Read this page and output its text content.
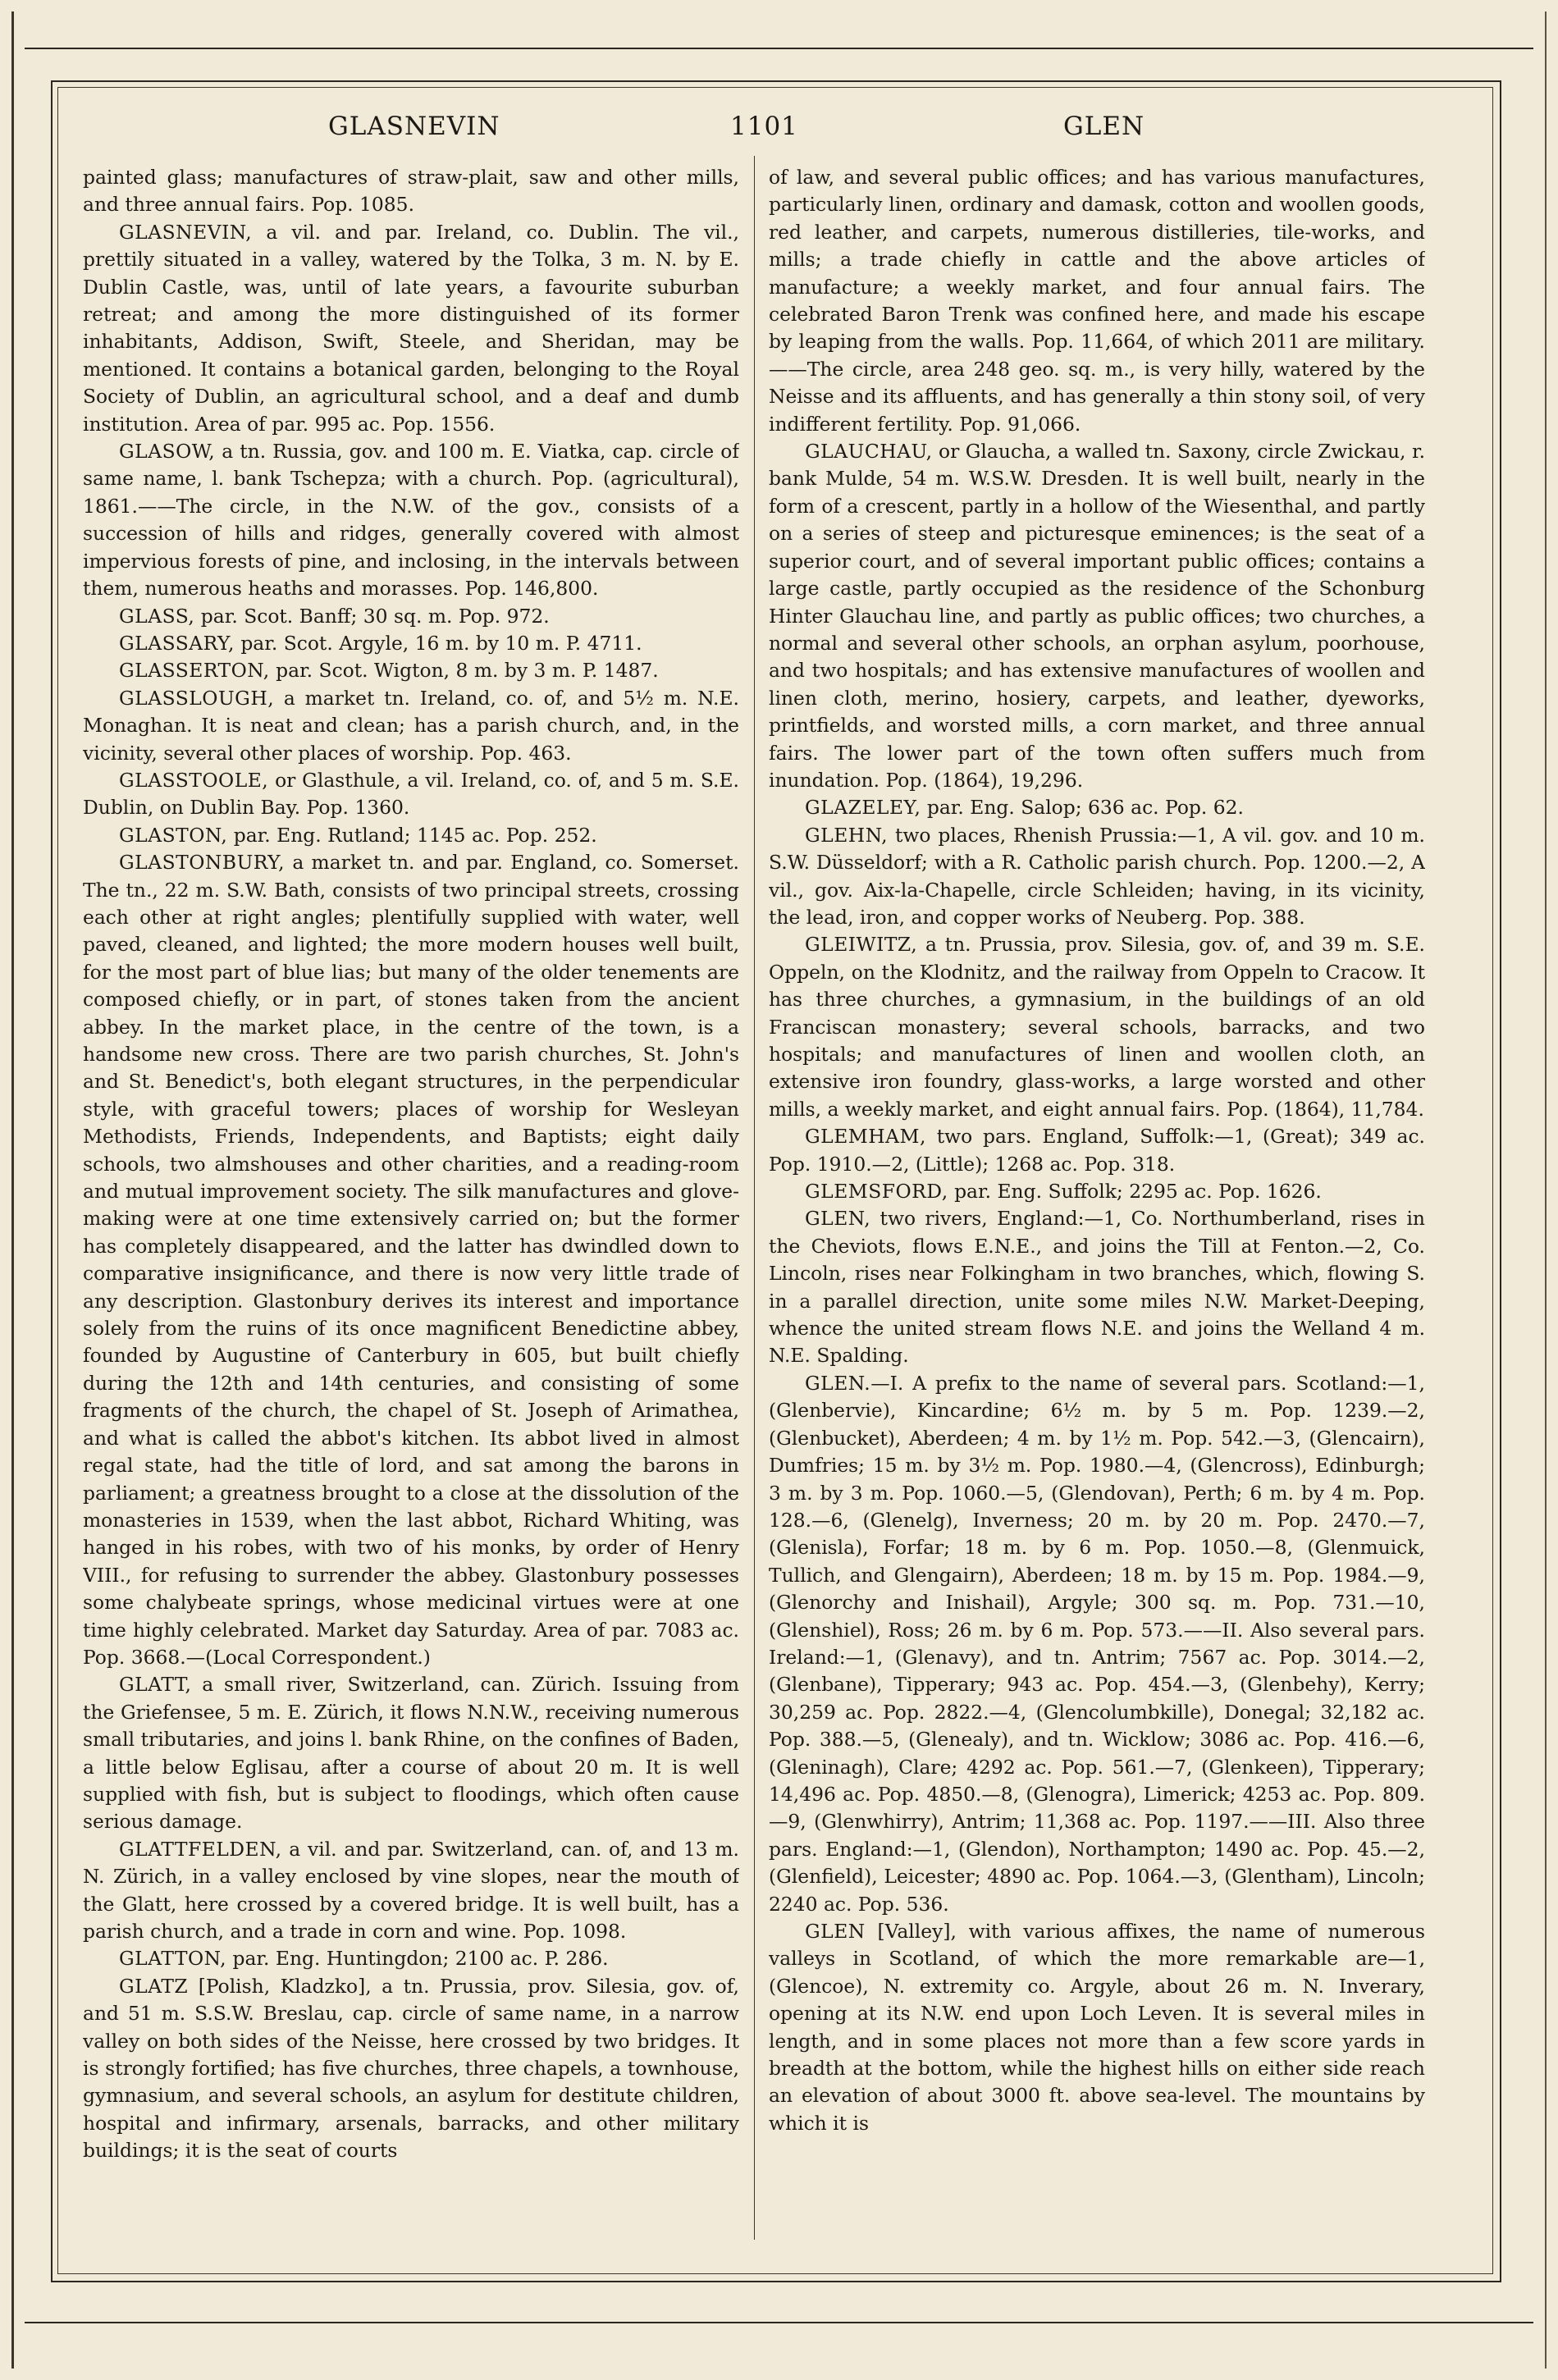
GLASNEVIN	1101	GLEN

painted glass; manufactures of straw-plait, saw and other mills, and three annual fairs. Pop. 1085.

GLASNEVIN, a vil. and par. Ireland, co. Dublin. The vil., prettily situated in a valley, watered by the Tolka, 3 m. N. by E. Dublin Castle, was, until of late years, a favourite suburban retreat; and among the more distinguished of its former inhabitants, Addison, Swift, Steele, and Sheridan, may be mentioned. It contains a botanical garden, belonging to the Royal Society of Dublin, an agricultural school, and a deaf and dumb institution. Area of par. 995 ac. Pop. 1556.

GLASOW, a tn. Russia, gov. and 100 m. E. Viatka, cap. circle of same name, l. bank Tschepza; with a church. Pop. (agricultural), 1861.——The circle, in the N.W. of the gov., consists of a succession of hills and ridges, generally covered with almost impervious forests of pine, and inclosing, in the intervals between them, numerous heaths and morasses. Pop. 146,800.

GLASS, par. Scot. Banff; 30 sq. m. Pop. 972.

GLASSARY, par. Scot. Argyle, 16 m. by 10 m. P. 4711.

GLASSERTON, par. Scot. Wigton, 8 m. by 3 m. P. 1487.

GLASSLOUGH, a market tn. Ireland, co. of, and 5½ m. N.E. Monaghan. It is neat and clean; has a parish church, and, in the vicinity, several other places of worship. Pop. 463.

GLASSTOOLE, or Glasthule, a vil. Ireland, co. of, and 5 m. S.E. Dublin, on Dublin Bay. Pop. 1360.

GLASTON, par. Eng. Rutland; 1145 ac. Pop. 252.

GLASTONBURY, a market tn. and par. England, co. Somerset. The tn., 22 m. S.W. Bath, consists of two principal streets, crossing each other at right angles; plentifully supplied with water, well paved, cleaned, and lighted; the more modern houses well built, for the most part of blue lias; but many of the older tenements are composed chiefly, or in part, of stones taken from the ancient abbey. In the market place, in the centre of the town, is a handsome new cross. There are two parish churches, St. John's and St. Benedict's, both elegant structures, in the perpendicular style, with graceful towers; places of worship for Wesleyan Methodists, Friends, Independents, and Baptists; eight daily schools, two almshouses and other charities, and a reading-room and mutual improvement society. The silk manufactures and glove-making were at one time extensively carried on; but the former has completely disappeared, and the latter has dwindled down to comparative insignificance, and there is now very little trade of any description. Glastonbury derives its interest and importance solely from the ruins of its once magnificent Benedictine abbey, founded by Augustine of Canterbury in 605, but built chiefly during the 12th and 14th centuries, and consisting of some fragments of the church, the chapel of St. Joseph of Arimathea, and what is called the abbot's kitchen. Its abbot lived in almost regal state, had the title of lord, and sat among the barons in parliament; a greatness brought to a close at the dissolution of the monasteries in 1539, when the last abbot, Richard Whiting, was hanged in his robes, with two of his monks, by order of Henry VIII., for refusing to surrender the abbey. Glastonbury possesses some chalybeate springs, whose medicinal virtues were at one time highly celebrated. Market day Saturday. Area of par. 7083 ac. Pop. 3668.—(Local Correspondent.)

GLATT, a small river, Switzerland, can. Zürich. Issuing from the Griefensee, 5 m. E. Zürich, it flows N.N.W., receiving numerous small tributaries, and joins l. bank Rhine, on the confines of Baden, a little below Eglisau, after a course of about 20 m. It is well supplied with fish, but is subject to floodings, which often cause serious damage.

GLATTFELDEN, a vil. and par. Switzerland, can. of, and 13 m. N. Zürich, in a valley enclosed by vine slopes, near the mouth of the Glatt, here crossed by a covered bridge. It is well built, has a parish church, and a trade in corn and wine. Pop. 1098.

GLATTON, par. Eng. Huntingdon; 2100 ac. P. 286.

GLATZ [Polish, Kladzko], a tn. Prussia, prov. Silesia, gov. of, and 51 m. S.S.W. Breslau, cap. circle of same name, in a narrow valley on both sides of the Neisse, here crossed by two bridges. It is strongly fortified; has five churches, three chapels, a townhouse, gymnasium, and several schools, an asylum for destitute children, hospital and infirmary, arsenals, barracks, and other military buildings; it is the seat of courts

of law, and several public offices; and has various manufactures, particularly linen, ordinary and damask, cotton and woollen goods, red leather, and carpets, numerous distilleries, tile-works, and mills; a trade chiefly in cattle and the above articles of manufacture; a weekly market, and four annual fairs. The celebrated Baron Trenk was confined here, and made his escape by leaping from the walls. Pop. 11,664, of which 2011 are military.——The circle, area 248 geo. sq. m., is very hilly, watered by the Neisse and its affluents, and has generally a thin stony soil, of very indifferent fertility. Pop. 91,066.

GLAUCHAU, or Glaucha, a walled tn. Saxony, circle Zwickau, r. bank Mulde, 54 m. W.S.W. Dresden. It is well built, nearly in the form of a crescent, partly in a hollow of the Wiesenthal, and partly on a series of steep and picturesque eminences; is the seat of a superior court, and of several important public offices; contains a large castle, partly occupied as the residence of the Schonburg Hinter Glauchau line, and partly as public offices; two churches, a normal and several other schools, an orphan asylum, poorhouse, and two hospitals; and has extensive manufactures of woollen and linen cloth, merino, hosiery, carpets, and leather, dyeworks, printfields, and worsted mills, a corn market, and three annual fairs. The lower part of the town often suffers much from inundation. Pop. (1864), 19,296.

GLAZELEY, par. Eng. Salop; 636 ac. Pop. 62.

GLEHN, two places, Rhenish Prussia:—1, A vil. gov. and 10 m. S.W. Düsseldorf; with a R. Catholic parish church. Pop. 1200.—2, A vil., gov. Aix-la-Chapelle, circle Schleiden; having, in its vicinity, the lead, iron, and copper works of Neuberg. Pop. 388.

GLEIWITZ, a tn. Prussia, prov. Silesia, gov. of, and 39 m. S.E. Oppeln, on the Klodnitz, and the railway from Oppeln to Cracow. It has three churches, a gymnasium, in the buildings of an old Franciscan monastery; several schools, barracks, and two hospitals; and manufactures of linen and woollen cloth, an extensive iron foundry, glass-works, a large worsted and other mills, a weekly market, and eight annual fairs. Pop. (1864), 11,784.

GLEMHAM, two pars. England, Suffolk:—1, (Great); 349 ac. Pop. 1910.—2, (Little); 1268 ac. Pop. 318.

GLEMSFORD, par. Eng. Suffolk; 2295 ac. Pop. 1626.

GLEN, two rivers, England:—1, Co. Northumberland, rises in the Cheviots, flows E.N.E., and joins the Till at Fenton.—2, Co. Lincoln, rises near Folkingham in two branches, which, flowing S. in a parallel direction, unite some miles N.W. Market-Deeping, whence the united stream flows N.E. and joins the Welland 4 m. N.E. Spalding.

GLEN.—I. A prefix to the name of several pars. Scotland:—1, (Glenbervie), Kincardine; 6½ m. by 5 m. Pop. 1239.—2, (Glenbucket), Aberdeen; 4 m. by 1½ m. Pop. 542.—3, (Glencairn), Dumfries; 15 m. by 3½ m. Pop. 1980.—4, (Glencross), Edinburgh; 3 m. by 3 m. Pop. 1060.—5, (Glendovan), Perth; 6 m. by 4 m. Pop. 128.—6, (Glenelg), Inverness; 20 m. by 20 m. Pop. 2470.—7, (Glenisla), Forfar; 18 m. by 6 m. Pop. 1050.—8, (Glenmuick, Tullich, and Glengairn), Aberdeen; 18 m. by 15 m. Pop. 1984.—9, (Glenorchy and Inishail), Argyle; 300 sq. m. Pop. 731.—10, (Glenshiel), Ross; 26 m. by 6 m. Pop. 573.——II. Also several pars. Ireland:—1, (Glenavy), and tn. Antrim; 7567 ac. Pop. 3014.—2, (Glenbane), Tipperary; 943 ac. Pop. 454.—3, (Glenbehy), Kerry; 30,259 ac. Pop. 2822.—4, (Glencolumbkille), Donegal; 32,182 ac. Pop. 388.—5, (Glenealy), and tn. Wicklow; 3086 ac. Pop. 416.—6, (Gleninagh), Clare; 4292 ac. Pop. 561.—7, (Glenkeen), Tipperary; 14,496 ac. Pop. 4850.—8, (Glenogra), Limerick; 4253 ac. Pop. 809.—9, (Glenwhirry), Antrim; 11,368 ac. Pop. 1197.——III. Also three pars. England:—1, (Glendon), Northampton; 1490 ac. Pop. 45.—2, (Glenfield), Leicester; 4890 ac. Pop. 1064.—3, (Glentham), Lincoln; 2240 ac. Pop. 536.

GLEN [Valley], with various affixes, the name of numerous valleys in Scotland, of which the more remarkable are—1, (Glencoe), N. extremity co. Argyle, about 26 m. N. Inverary, opening at its N.W. end upon Loch Leven. It is several miles in length, and in some places not more than a few score yards in breadth at the bottom, while the highest hills on either side reach an elevation of about 3000 ft. above sea-level. The mountains by which it is
